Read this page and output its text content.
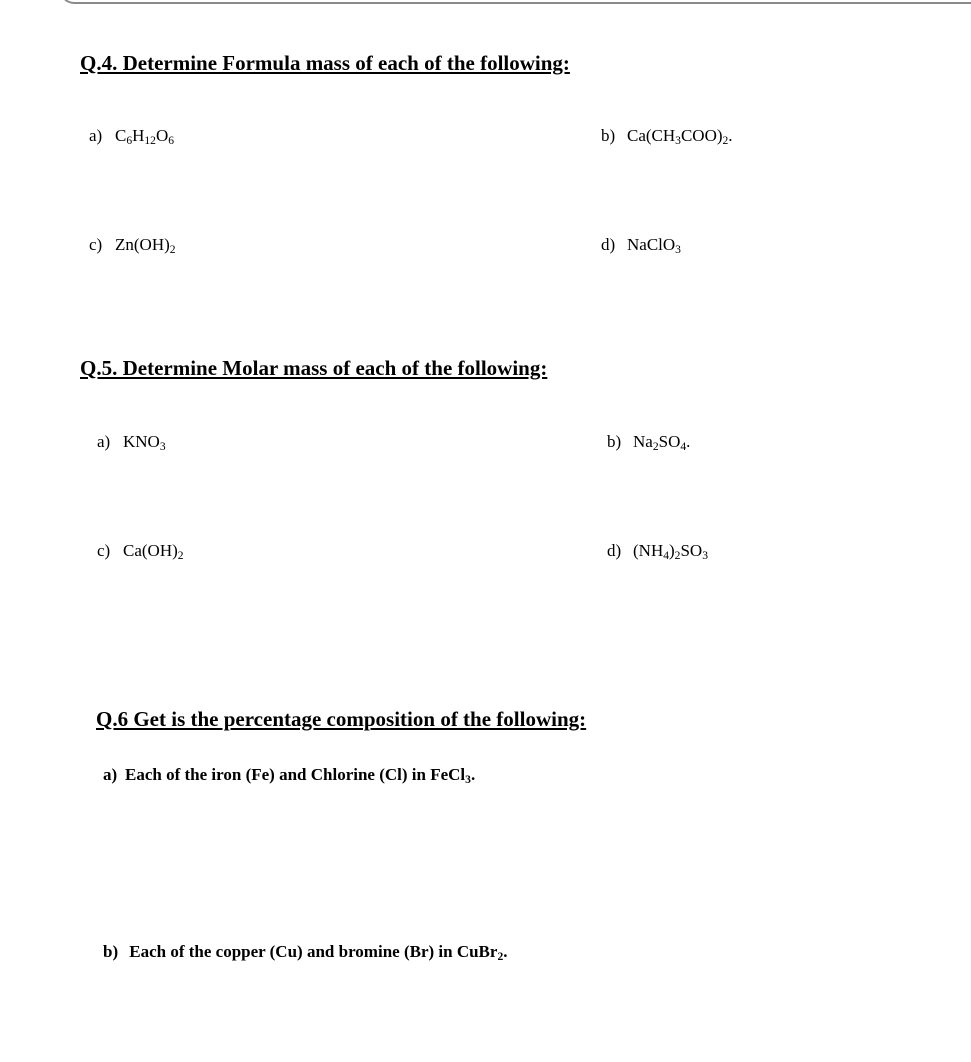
Q.4. Determine Formula mass of each of the following:
a) $C_6H_{12}O_6$	b) $Ca(CH_3COO)_2$.
c) $Zn(OH)_2$	d) NaClO$_3$
Q.5. Determine Molar mass of each of the following:
a) $KNO_3$	b) $Na_2SO_4$.
c) $Ca(OH)_2$	d) $(NH_4)_2SO_3$
Q.6 Get is the percentage composition of the following:
a) Each of the iron (Fe) and Chlorine (Cl) in FeCl$_3$.
b) Each of the copper (Cu) and bromine (Br) in CuBr$_2$.
